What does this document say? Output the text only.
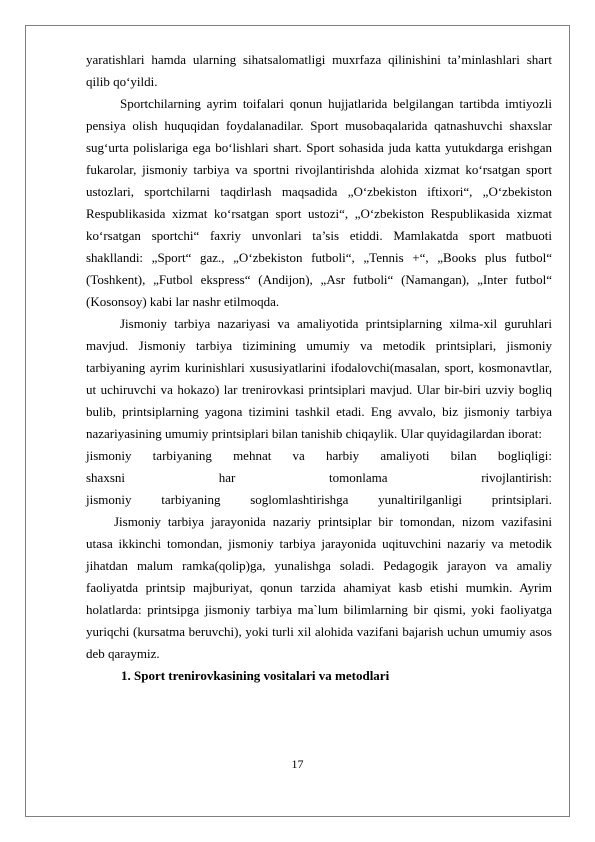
yaratishlari hamda ularning sihatsalomatligi muxrfaza qilinishini ta’minlashlari shart qilib qo‘yildi.

Sportchilarning ayrim toifalari qonun hujjatlarida belgilangan tartibda imtiyozli pensiya olish huquqidan foydalanadilar. Sport musobaqalarida qatnashuvchi shaxslar sug‘urta polislariga ega bo‘lishlari shart. Sport sohasida juda katta yutukdarga erishgan fukarolar, jismoniy tarbiya va sportni rivojlantirishda alohida xizmat ko‘rsatgan sport ustozlari, sportchilarni taqdirlash maqsadida „O‘zbekiston iftixori“, „O‘zbekiston Respublikasida xizmat ko‘rsatgan sport ustozi“, „O‘zbekiston Respublikasida xizmat ko‘rsatgan sportchi“ faxriy unvonlari ta’sis etiddi. Mamlakatda sport matbuoti shakllandi: „Sport“ gaz., „O‘zbekiston futboli“, „Tennis +“, „Books plus futbol“ (Toshkent), „Futbol ekspress“ (Andijon), „Asr futboli“ (Namangan), „Inter futbol“ (Kosonsoy) kabi lar nashr etilmoqda.

Jismoniy tarbiya nazariyasi va amaliyotida printsiplarning xilma-xil guruhlari mavjud. Jismoniy tarbiya tizimining umumiy va metodik printsiplari, jismoniy tarbiyaning ayrim kurinishlari xususiyatlarini ifodalovchi(masalan, sport, kosmonavtlar, ut uchiruvchi va hokazo) lar trenirovkasi printsiplari mavjud. Ular bir-biri uzviy bogliq bulib, printsiplarning yagona tizimini tashkil etadi. Eng avvalo, biz jismoniy tarbiya nazariyasining umumiy printsiplari bilan tanishib chiqaylik. Ular quyidagilardan iborat:

jismoniy tarbiyaning mehnat va harbiy amaliyoti bilan bogliqligi:

shaxsni har tomonlama rivojlantirish:

jismoniy tarbiyaning soglomlashtirishga yunaltirilganligi printsiplari.

Jismoniy tarbiya jarayonida nazariy printsiplar bir tomondan, nizom vazifasini utasa ikkinchi tomondan, jismoniy tarbiya jarayonida uqituvchini nazariy va metodik jihatdan malum ramka(qolip)ga, yunalishga soladi. Pedagogik jarayon va amaliy faoliyatda printsip majburiyat, qonun tarzida ahamiyat kasb etishi mumkin. Ayrim holatlarda: printsipga jismoniy tarbiya ma`lum bilimlarning bir qismi, yoki faoliyatga yuriqchi (kursatma beruvchi), yoki turli xil alohida vazifani bajarish uchun umumiy asos deb qaraymiz.

1. Sport trenirovkasining vositalari va metodlari

17
